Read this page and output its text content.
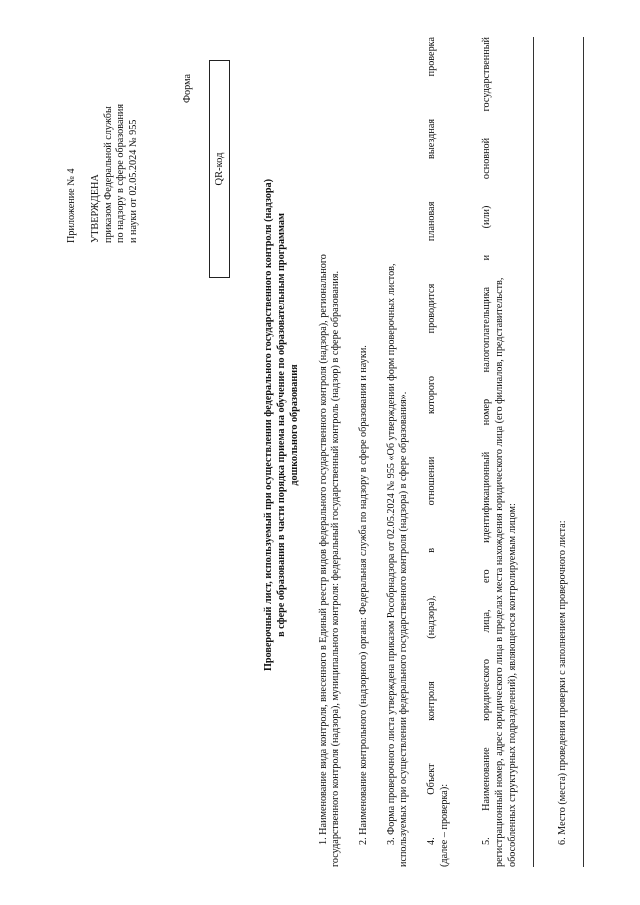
Приложение № 4 УТВЕРЖДЕНА приказом Федеральной службы по надзору в сфере образования и науки от 02.05.2024 № 955
Форма
QR-код
Проверочный лист, используемый при осуществлении федерального государственного контроля (надзора) в сфере образования в части порядка приема на обучение по образовательным программам дошкольного образования 1. Наименование вида контроля, внесенного в Единый реестр видов федерального государственного контроля (надзора), регионального государственного контроля (надзора), муниципального контроля: федеральный государственный контроль (надзор) в сфере образования. 2. Наименование контрольного (надзорного) органа: Федеральная служба по надзору в сфере образования и науки. 3. Форма проверочного листа утверждена приказом Рособрнадзора от 02.05.2024 № 955 «Об утверждении форм проверочных листов, используемых при осуществлении федерального государственного контроля (надзора) в сфере образования». 4. Объект контроля (надзора), в отношении которого проводится плановая выездная проверка (далее – проверка):	5. Наименование юридического лица, его идентификационный номер налогоплательщика и (или) основной государственный регистрационный номер, адрес юридического лица в пределах места нахождения юридического лица (его филиалов, представительств, обособленных структурных подразделений), являющегося контролируемым лицом:	6. Место (места) проведения проверки с заполнением проверочного листа:
